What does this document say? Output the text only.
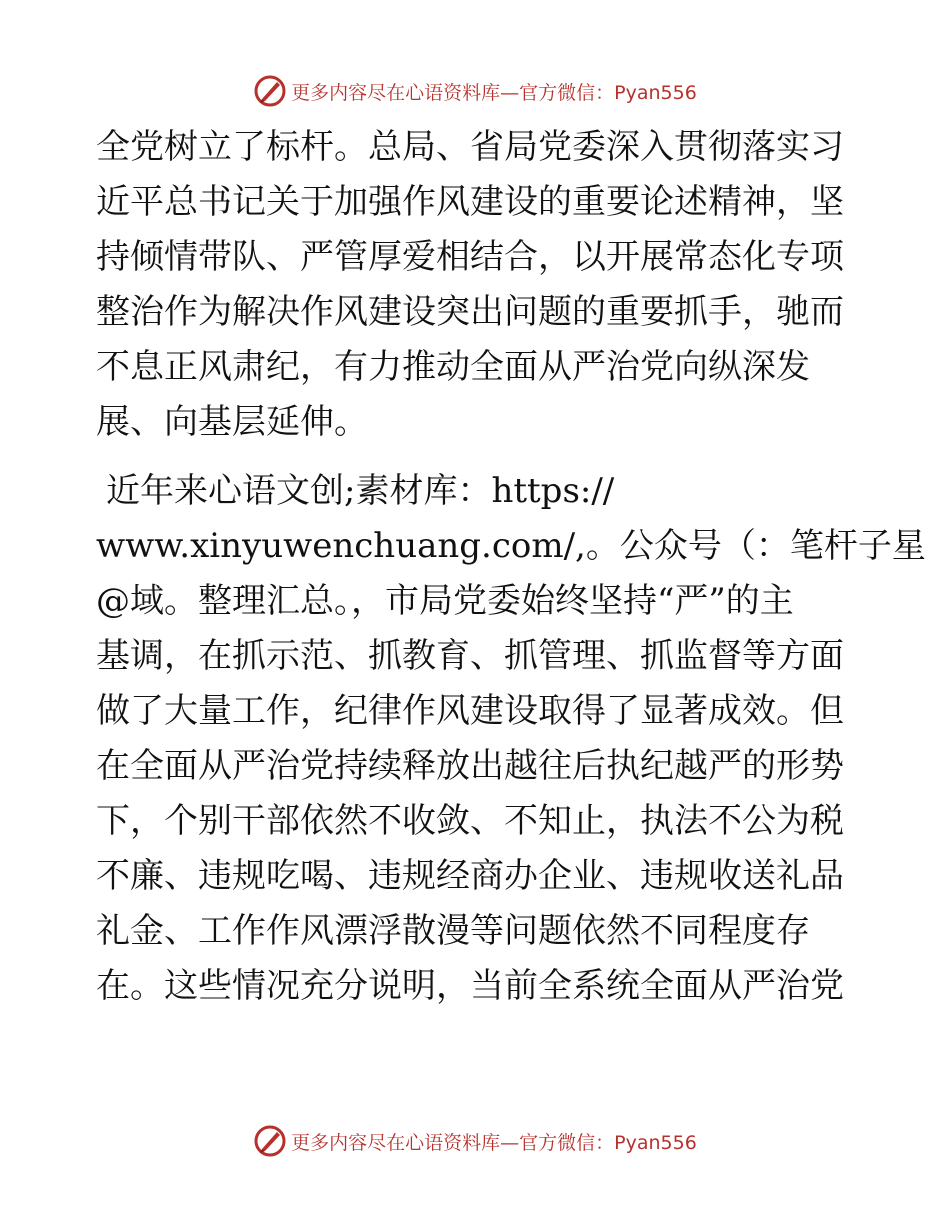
更多内容尽在心语资料库— 官方微信：Pyan556
全党树立了标杆。总局、省局党委深入贯彻落实习
近平总书记关于加强作风建设的重要论述精神，坚
持倾情带队、严管厚爱相结合，以开展常态化专项
整治作为解决作风建设突出问题的重要抓手，驰而
不息正风肃纪，有力推动全面从严治党向纵深发
展、向基层延伸。
近年来心语文创;素材库：https://
www.xinyuwenchuang.com/,。公众号（：笔杆子星
@域。整理汇总。，市局党委始终坚持“严”的主
基调，在抓示范、抓教育、抓管理、抓监督等方面
做了大量工作，纪律作风建设取得了显著成效。但
在全面从严治党持续释放出越往后执纪越严的形势
下，个别干部依然不收敛、不知止，执法不公为税
不廉、违规吃喝、违规经商办企业、违规收送礼品
礼金、工作作风漂浮散漫等问题依然不同程度存
在。这些情况充分说明，当前全系统全面从严治党
更多内容尽在心语资料库— 官方微信：Pyan556
